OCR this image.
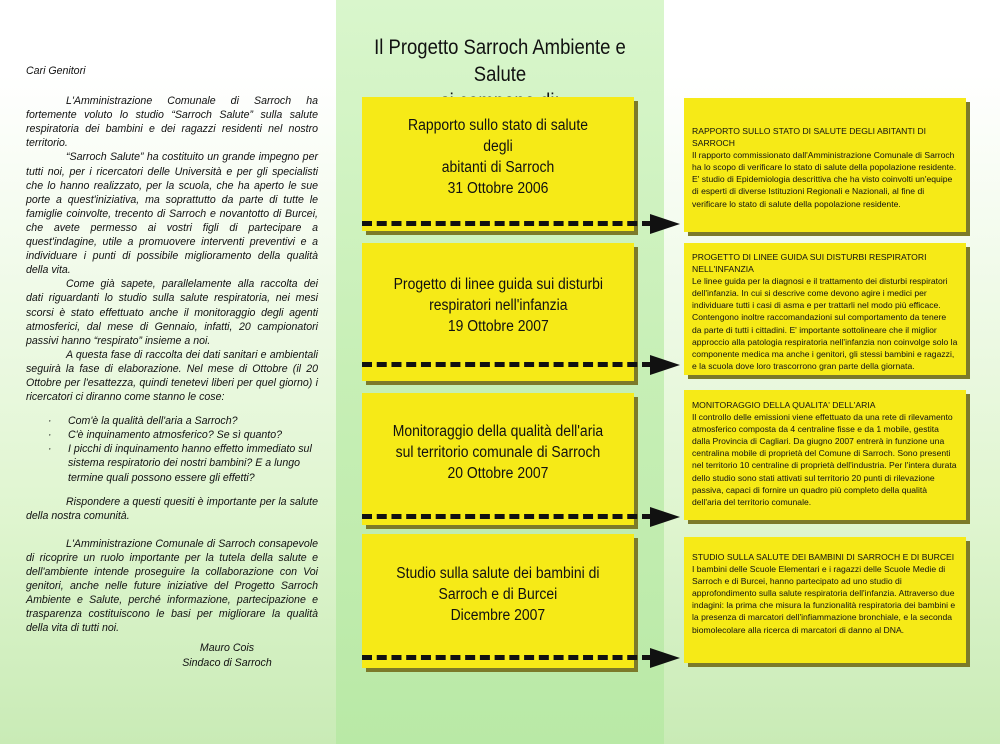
Cari Genitori

L'Amministrazione Comunale di Sarroch ha fortemente voluto lo studio “Sarroch Salute” sulla salute respiratoria dei bambini e dei ragazzi residenti nel nostro territorio.

“Sarroch Salute” ha costituito un grande impegno per tutti noi, per i ricercatori delle Università e per gli specialisti che lo hanno realizzato, per la scuola, che ha aperto le sue porte a quest'iniziativa, ma soprattutto da parte di tutte le famiglie coinvolte, trecento di Sarroch e novantotto di Burcei, che avete permesso ai vostri figli di partecipare a quest'indagine, utile a promuovere interventi preventivi e a individuare i punti di possibile miglioramento della qualità della vita.

Come già sapete, parallelamente alla raccolta dei dati riguardanti lo studio sulla salute respiratoria, nei mesi scorsi è stato effettuato anche il monitoraggio degli agenti atmosferici, dal mese di Gennaio, infatti, 20 campionatori passivi hanno “respirato” insieme a noi.

A questa fase di raccolta dei dati sanitari e ambientali seguirà la fase di elaborazione. Nel mese di Ottobre (il 20 Ottobre per l'esattezza, quindi tenetevi liberi per quel giorno) i ricercatori ci diranno come stanno le cose:

· Com'è la qualità dell'aria a Sarroch?
· C'è inquinamento atmosferico? Se sì quanto?
· I picchi di inquinamento hanno effetto immediato sul sistema respiratorio dei nostri bambini? E a lungo termine quali possono essere gli effetti?

Rispondere a questi quesiti è importante per la salute della nostra comunità.

L'Amministrazione Comunale di Sarroch consapevole di ricoprire un ruolo importante per la tutela della salute e dell'ambiente intende proseguire la collaborazione con Voi genitori, anche nelle future iniziative del Progetto Sarroch Ambiente e Salute, perché informazione, partecipazione e trasparenza costituiscono le basi per migliorare la qualità della vita di tutti noi.

Mauro Cois

Sindaco di Sarroch

Il Progetto Sarroch Ambiente e Salute
Rapporto sullo stato di salute degli
abitanti di Sarroch
31 Ottobre 2006
RAPPORTO SULLO STATO DI SALUTE DEGLI ABITANTI DI SARROCH
Il rapporto commissionato dall'Amministrazione Comunale di Sarroch ha lo scopo di verificare lo stato di salute della popolazione residente. E' studio di Epidemiologia descrittiva che ha visto coinvolti un'equipe di esperti di diverse Istituzioni Regionali e Nazionali, al fine di verificare lo stato di salute della popolazione residente.
Progetto di linee guida sui disturbi
respiratori nell'infanzia
19 Ottobre 2007
PROGETTO DI LINEE GUIDA SUI DISTURBI RESPIRATORI NELL'INFANZIA
Le linee guida per la diagnosi e il trattamento dei disturbi respiratori dell'infanzia. In cui si descrive come devono agire i medici per individuare tutti i casi di asma e per trattarli nel modo più efficace. Contengono inoltre raccomandazioni sul comportamento da tenere da parte di tutti i cittadini. E' importante sottolineare che il miglior approccio alla patologia respiratoria nell'infanzia non coinvolge solo la componente medica ma anche i genitori, gli stessi bambini e ragazzi, e la scuola dove loro trascorrono gran parte della giornata.
Monitoraggio della qualità dell'aria
sul territorio comunale di Sarroch
20 Ottobre 2007
MONITORAGGIO DELLA QUALITA' DELL'ARIA
Il controllo delle emissioni viene effettuato da una rete di rilevamento atmosferico composta da 4 centraline fisse e da 1 mobile, gestita dalla Provincia di Cagliari. Da giugno 2007 entrerà in funzione una centralina mobile di proprietà del Comune di Sarroch. Sono presenti nel territorio 10 centraline di proprietà dell'industria. Per l'intera durata dello studio sono stati attivati sul territorio 20 punti di rilevazione passiva, capaci di fornire un quadro più completo della qualità dell'aria del territorio comunale.
Studio sulla salute dei bambini di
Sarroch e di Burcei
Dicembre 2007
STUDIO SULLA SALUTE DEI BAMBINI DI SARROCH E DI BURCEI
I bambini delle Scuole Elementari e i ragazzi delle Scuole Medie di Sarroch e di Burcei, hanno partecipato ad uno studio di approfondimento sulla salute respiratoria dell'infanzia. Attraverso due indagini: la prima che misura la funzionalità respiratoria dei bambini e la presenza di marcatori dell'infiammazione bronchiale, e la seconda biomolecolare alla ricerca di marcatori di danno al DNA.
